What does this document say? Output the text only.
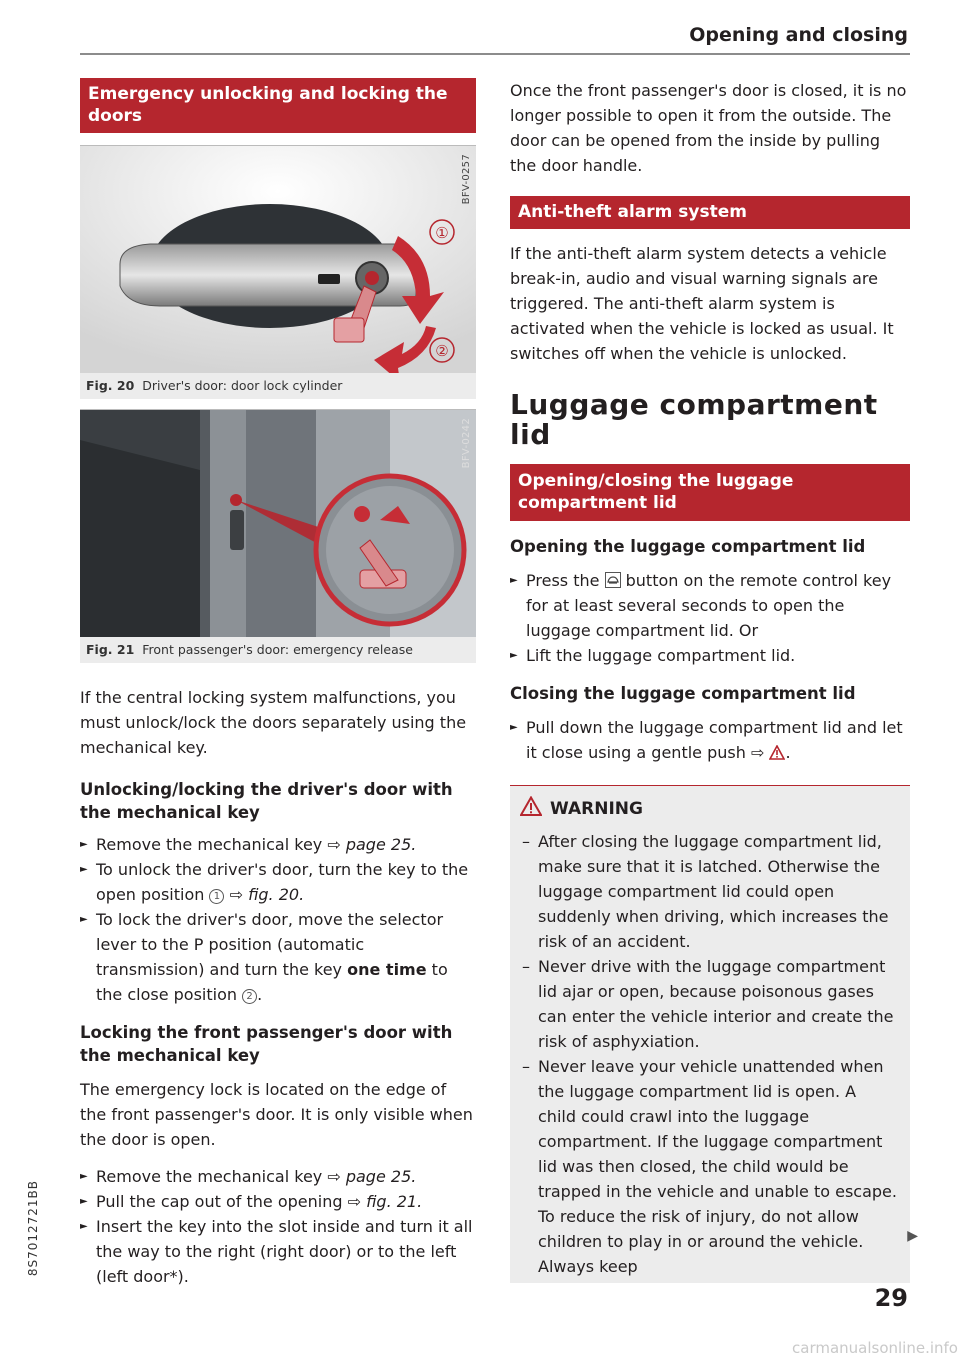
Opening and closing
Emergency unlocking and locking the doors
①
②
BFV-0257
Fig. 20 Driver's door: door lock cylinder
BFV-0242
Fig. 21 Front passenger's door: emergency release

If the central locking system malfunctions, you must unlock/lock the doors separately using the mechanical key.

Unlocking/locking the driver's door with the mechanical key
► Remove the mechanical key ⇨ page 25.
► To unlock the driver's door, turn the key to the open position 1 ⇨ fig. 20.
► To lock the driver's door, move the selector lever to the P position (automatic transmission) and turn the key one time to the close position 2 .
Locking the front passenger's door with the mechanical key

The emergency lock is located on the edge of the front passenger's door. It is only visible when the door is open.

► Remove the mechanical key ⇨ page 25.
► Pull the cap out of the opening ⇨ fig. 21.
► Insert the key into the slot inside and turn it all the way to the right (right door) or to the left (left door*).

Once the front passenger's door is closed, it is no longer possible to open it from the outside. The door can be opened from the inside by pulling the door handle.

Anti-theft alarm system

If the anti-theft alarm system detects a vehicle break-in, audio and visual warning signals are triggered. The anti-theft alarm system is activated when the vehicle is locked as usual. It switches off when the vehicle is unlocked.

Luggage compartment lid
Opening/closing the luggage compartment lid
Opening the luggage compartment lid
► Press the
button on the remote control key for at least several seconds to open the luggage compartment lid. Or
► Lift the luggage compartment lid.
Closing the luggage compartment lid
► Pull down the luggage compartment lid and let it close using a gentle push ⇨ .
WARNING
– After closing the luggage compartment lid, make sure that it is latched. Otherwise the luggage compartment lid could open suddenly when driving, which increases the risk of an accident.
– Never drive with the luggage compartment lid ajar or open, because poisonous gases can enter the vehicle interior and create the risk of asphyxiation.
– Never leave your vehicle unattended when the luggage compartment lid is open. A child could crawl into the luggage compartment. If the luggage compartment lid was then closed, the child would be trapped in the vehicle and unable to escape. To reduce the risk of injury, do not allow children to play in or around the vehicle. Always keep
▶
29
8S7012721BB
carmanualsonline.info
